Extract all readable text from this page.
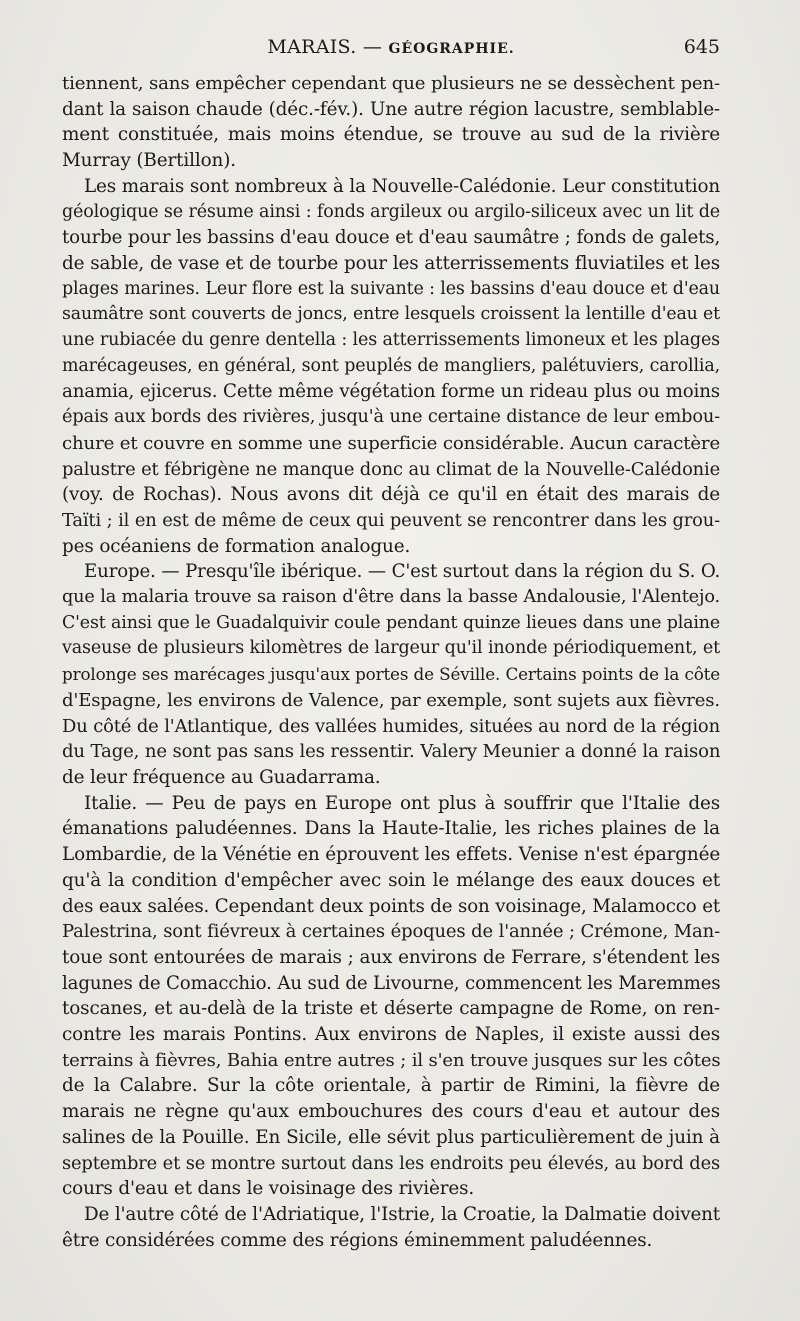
MARAIS. — GÉOGRAPHIE.	645

tiennent, sans empêcher cependant que plusieurs ne se dessèchent pen-
dant la saison chaude (déc.-fév.). Une autre région lacustre, semblable-
ment constituée, mais moins étendue, se trouve au sud de la rivière
Murray (Bertillon).

Les marais sont nombreux à la Nouvelle-Calédonie. Leur constitution
géologique se résume ainsi : fonds argileux ou argilo-siliceux avec un lit de
tourbe pour les bassins d'eau douce et d'eau saumâtre ; fonds de galets,
de sable, de vase et de tourbe pour les atterrissements fluviatiles et les
plages marines. Leur flore est la suivante : les bassins d'eau douce et d'eau
saumâtre sont couverts de joncs, entre lesquels croissent la lentille d'eau et
une rubiacée du genre dentella : les atterrissements limoneux et les plages
marécageuses, en général, sont peuplés de mangliers, palétuviers, carollia,
anamia, ejicerus. Cette même végétation forme un rideau plus ou moins
épais aux bords des rivières, jusqu'à une certaine distance de leur embou-
chure et couvre en somme une superficie considérable. Aucun caractère
palustre et fébrigène ne manque donc au climat de la Nouvelle-Calédonie
(voy. de Rochas). Nous avons dit déjà ce qu'il en était des marais de
Taïti ; il en est de même de ceux qui peuvent se rencontrer dans les grou-
pes océaniens de formation analogue.

Europe. — Presqu'île ibérique. — C'est surtout dans la région du S. O.
que la malaria trouve sa raison d'être dans la basse Andalousie, l'Alentejo.
C'est ainsi que le Guadalquivir coule pendant quinze lieues dans une plaine
vaseuse de plusieurs kilomètres de largeur qu'il inonde périodiquement, et
prolonge ses marécages jusqu'aux portes de Séville. Certains points de la côte
d'Espagne, les environs de Valence, par exemple, sont sujets aux fièvres.
Du côté de l'Atlantique, des vallées humides, situées au nord de la région
du Tage, ne sont pas sans les ressentir. Valery Meunier a donné la raison
de leur fréquence au Guadarrama.

Italie. — Peu de pays en Europe ont plus à souffrir que l'Italie des
émanations paludéennes. Dans la Haute-Italie, les riches plaines de la
Lombardie, de la Vénétie en éprouvent les effets. Venise n'est épargnée
qu'à la condition d'empêcher avec soin le mélange des eaux douces et
des eaux salées. Cependant deux points de son voisinage, Malamocco et
Palestrina, sont fiévreux à certaines époques de l'année ; Crémone, Man-
toue sont entourées de marais ; aux environs de Ferrare, s'étendent les
lagunes de Comacchio. Au sud de Livourne, commencent les Maremmes
toscanes, et au-delà de la triste et déserte campagne de Rome, on ren-
contre les marais Pontins. Aux environs de Naples, il existe aussi des
terrains à fièvres, Bahia entre autres ; il s'en trouve jusques sur les côtes
de la Calabre. Sur la côte orientale, à partir de Rimini, la fièvre de
marais ne règne qu'aux embouchures des cours d'eau et autour des
salines de la Pouille. En Sicile, elle sévit plus particulièrement de juin à
septembre et se montre surtout dans les endroits peu élevés, au bord des
cours d'eau et dans le voisinage des rivières.

De l'autre côté de l'Adriatique, l'Istrie, la Croatie, la Dalmatie doivent
être considérées comme des régions éminemment paludéennes.
